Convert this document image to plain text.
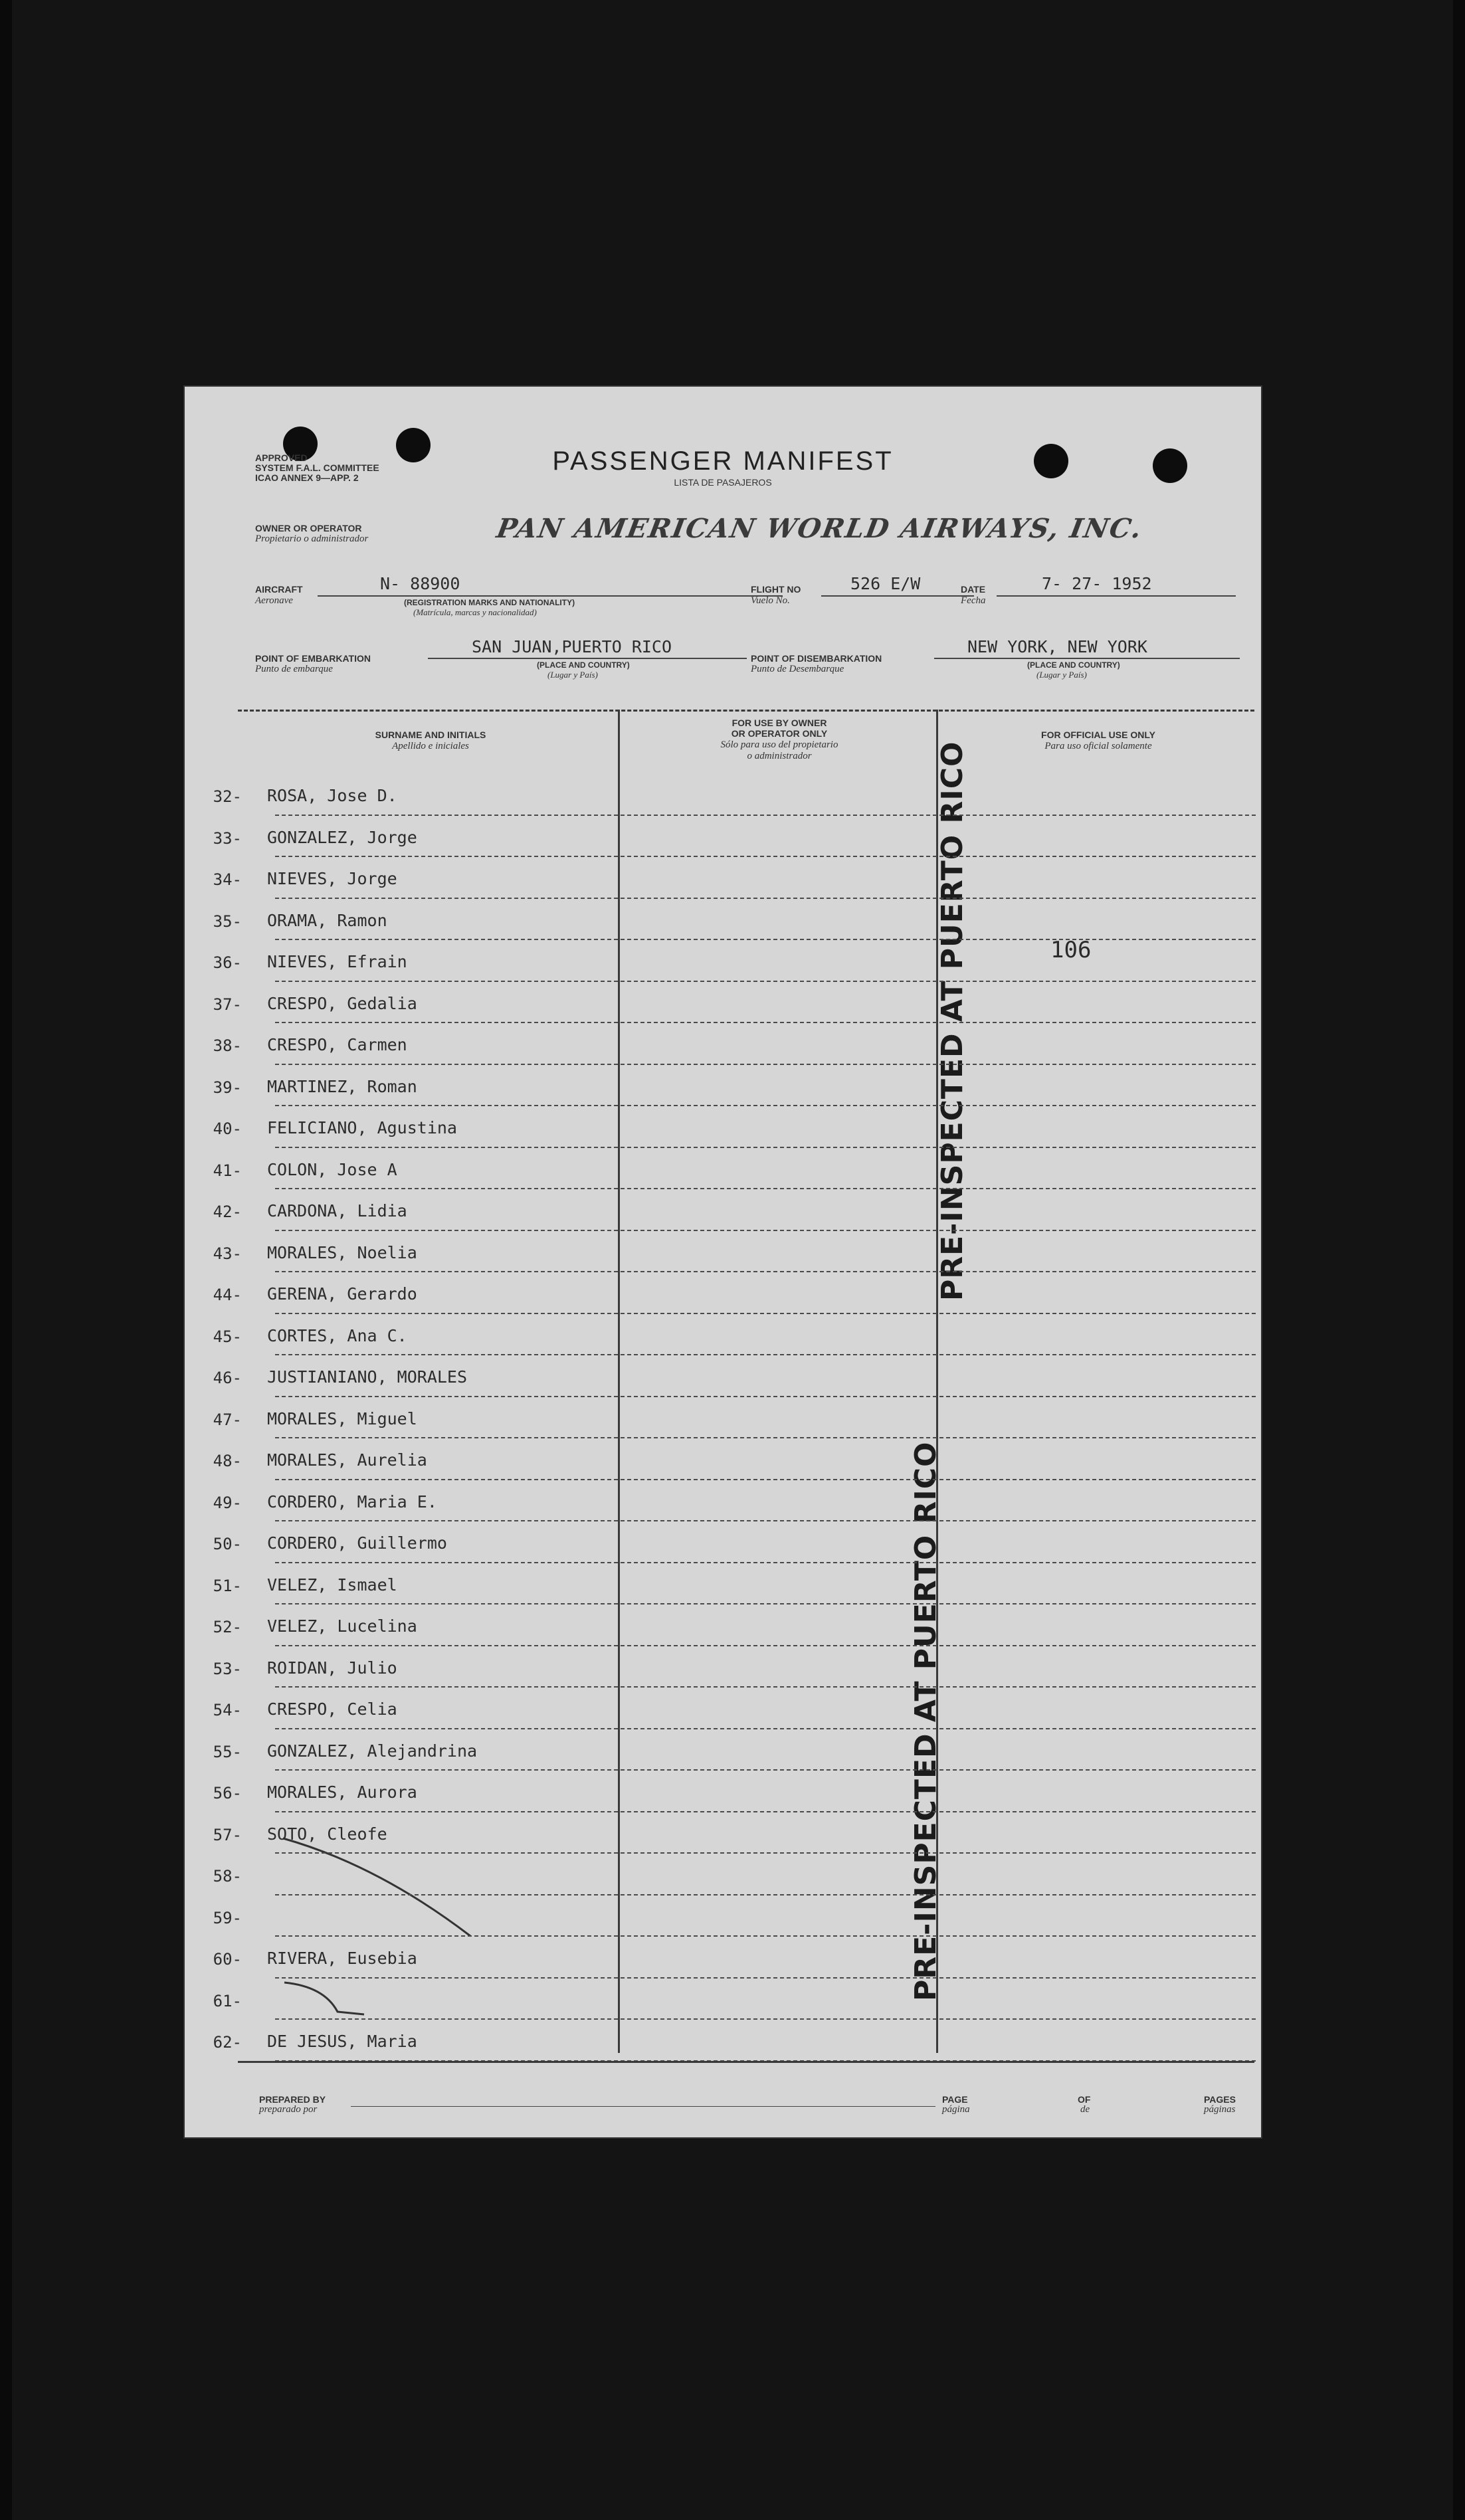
APPROVED
SYSTEM F.A.L. COMMITTEE
ICAO ANNEX 9—APP. 2
PASSENGER MANIFEST
LISTA DE PASAJEROS
OWNER OR OPERATOR
Propietario o administrador	PAN AMERICAN WORLD AIRWAYS, INC.
AIRCRAFT
Aeronave
N- 88900
(REGISTRATION MARKS AND NATIONALITY)
(Matrícula, marcas y nacionalidad)
FLIGHT NO
Vuelo No.
526 E/W	DATE
Fecha
7- 27- 1952
POINT OF EMBARKATION
Punto de embarque
SAN JUAN,PUERTO RICO
(PLACE AND COUNTRY)
(Lugar y País)
POINT OF DISEMBARKATION
Punto de Desembarque
NEW YORK, NEW YORK
(PLACE AND COUNTRY)
(Lugar y País)
SURNAME AND INITIALS
Apellido e iniciales
FOR USE BY OWNER
OR OPERATOR ONLY
Sólo para uso del propietario
o administrador
FOR OFFICIAL USE ONLY
Para uso oficial solamente
106
PRE-INSPECTED AT PUERTO RICO
PRE-INSPECTED AT PUERTO RICO
PREPARED BY
preparado por
PAGE
página
OF
de
PAGES
páginas
32- ROSA, Jose D.
33- GONZALEZ, Jorge
34- NIEVES, Jorge
35- ORAMA, Ramon
36- NIEVES, Efrain
37- CRESPO, Gedalia
38- CRESPO, Carmen
39- MARTINEZ, Roman
40- FELICIANO, Agustina
41- COLON, Jose A
42- CARDONA, Lidia
43- MORALES, Noelia
44- GERENA, Gerardo
45- CORTES, Ana C.
46- JUSTIANIANO, MORALES
47- MORALES, Miguel
48- MORALES, Aurelia
49- CORDERO, Maria E.
50- CORDERO, Guillermo
51- VELEZ, Ismael
52- VELEZ, Lucelina
53- ROIDAN, Julio
54- CRESPO, Celia
55- GONZALEZ, Alejandrina
56- MORALES, Aurora
57- SOTO, Cleofe
58-
59-
60- RIVERA, Eusebia
61-
62- DE JESUS, Maria
